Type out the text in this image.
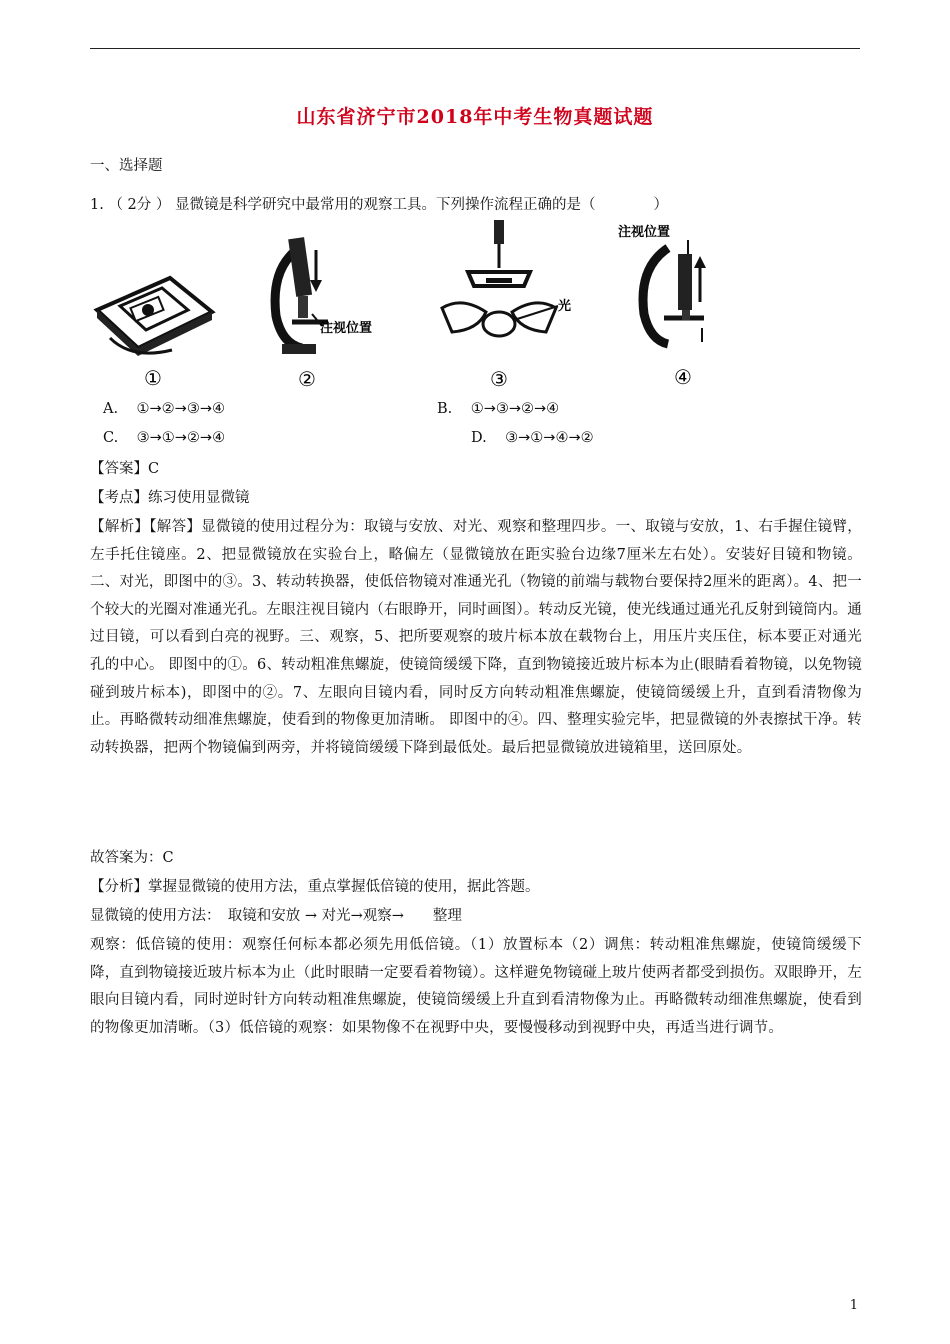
山东省济宁市2018年中考生物真题试题
一、选择题
1. （ 2分 ） 显微镜是科学研究中最常用的观察工具。下列操作流程正确的是（　　　　）
①
注视位置
②
光
③
注视位置
④
A. ①→②→③→④	B. ①→③→②→④
C. ③→①→②→④	D. ③→①→④→②
【答案】C
【考点】练习使用显微镜
【解析】【解答】显微镜的使用过程分为：取镜与安放、对光、观察和整理四步。一、取镜与安放，1、右手握住镜臂，左手托住镜座。2、把显微镜放在实验台上，略偏左（显微镜放在距实验台边缘7厘米左右处）。安装好目镜和物镜。二、对光，即图中的③。3、转动转换器，使低倍物镜对准通光孔（物镜的前端与载物台要保持2厘米的距离）。4、把一个较大的光圈对准通光孔。左眼注视目镜内（右眼睁开，同时画图）。转动反光镜，使光线通过通光孔反射到镜筒内。通过目镜，可以看到白亮的视野。三、观察，5、把所要观察的玻片标本放在载物台上，用压片夹压住，标本要正对通光孔的中心。 即图中的①。6、转动粗准焦螺旋，使镜筒缓缓下降，直到物镜接近玻片标本为止(眼睛看着物镜，以免物镜碰到玻片标本)，即图中的②。7、左眼向目镜内看，同时反方向转动粗准焦螺旋，使镜筒缓缓上升，直到看清物像为止。再略微转动细准焦螺旋，使看到的物像更加清晰。 即图中的④。四、整理实验完毕，把显微镜的外表擦拭干净。转动转换器，把两个物镜偏到两旁，并将镜筒缓缓下降到最低处。最后把显微镜放进镜箱里，送回原处。
故答案为：C
【分析】掌握显微镜的使用方法，重点掌握低倍镜的使用，据此答题。
显微镜的使用方法：　取镜和安放 → 对光→观察→　　整理
观察：低倍镜的使用：观察任何标本都必须先用低倍镜。（1）放置标本（2）调焦：转动粗准焦螺旋，使镜筒缓缓下降，直到物镜接近玻片标本为止（此时眼睛一定要看着物镜）。这样避免物镜碰上玻片使两者都受到损伤。双眼睁开，左眼向目镜内看，同时逆时针方向转动粗准焦螺旋，使镜筒缓缓上升直到看清物像为止。再略微转动细准焦螺旋，使看到的物像更加清晰。（3）低倍镜的观察：如果物像不在视野中央，要慢慢移动到视野中央，再适当进行调节。
1
